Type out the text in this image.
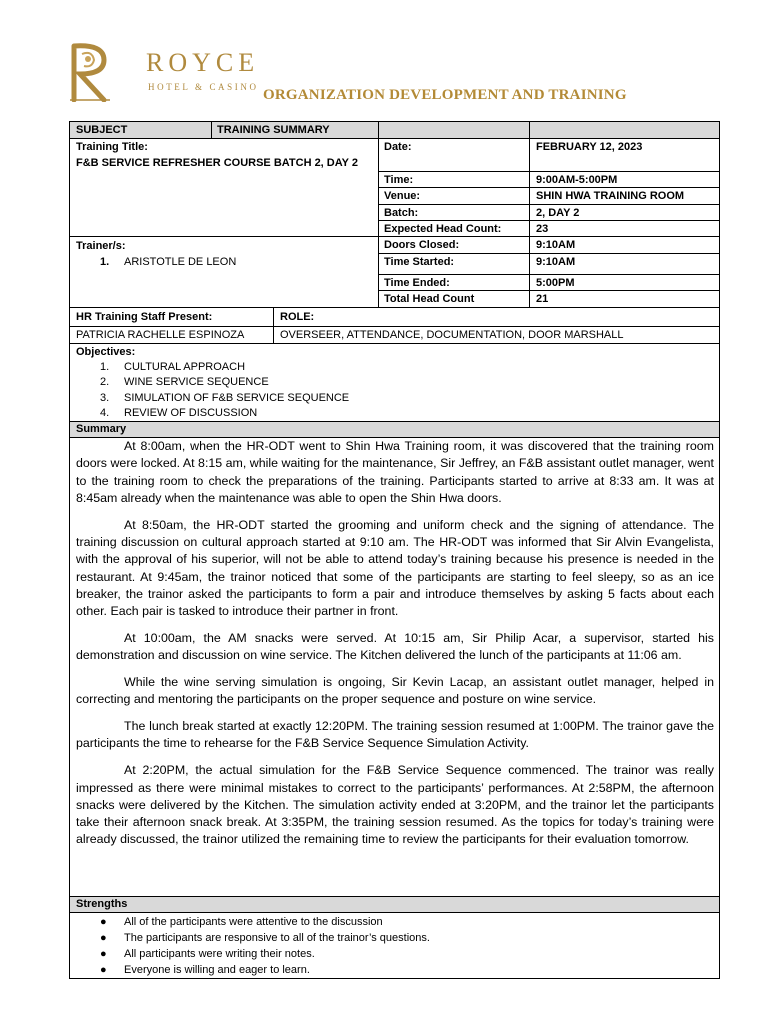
ROYCE
HOTEL & CASINO ORGANIZATION DEVELOPMENT AND TRAINING
SUBJECT	TRAINING SUMMARY
Training Title:
F&B SERVICE REFRESHER COURSE BATCH 2, DAY 2
Trainer/s:
1. ARISTOTLE DE LEON
Date:	FEBRUARY 12, 2023
Time:	9:00AM-5:00PM
Venue:	SHIN HWA TRAINING ROOM
Batch:	2, DAY 2
Expected Head Count:	23
Doors Closed:	9:10AM
Time Started:	9:10AM
Time Ended:	5:00PM
Total Head Count	21
HR Training Staff Present:	ROLE:
PATRICIA RACHELLE ESPINOZA	OVERSEER, ATTENDANCE, DOCUMENTATION, DOOR MARSHALL
Objectives:
1. CULTURAL APPROACH
2. WINE SERVICE SEQUENCE
3. SIMULATION OF F&B SERVICE SEQUENCE
4. REVIEW OF DISCUSSION
Summary

At 8:00am, when the HR-ODT went to Shin Hwa Training room, it was discovered that the training room doors were locked. At 8:15 am, while waiting for the maintenance, Sir Jeffrey, an F&B assistant outlet manager, went to the training room to check the preparations of the training. Participants started to arrive at 8:33 am. It was at 8:45am already when the maintenance was able to open the Shin Hwa doors.

At 8:50am, the HR-ODT started the grooming and uniform check and the signing of attendance. The training discussion on cultural approach started at 9:10 am. The HR-ODT was informed that Sir Alvin Evangelista, with the approval of his superior, will not be able to attend today’s training because his presence is needed in the restaurant. At 9:45am, the trainor noticed that some of the participants are starting to feel sleepy, so as an ice breaker, the trainor asked the participants to form a pair and introduce themselves by asking 5 facts about each other. Each pair is tasked to introduce their partner in front.

At 10:00am, the AM snacks were served. At 10:15 am, Sir Philip Acar, a supervisor, started his demonstration and discussion on wine service. The Kitchen delivered the lunch of the participants at 11:06 am.

While the wine serving simulation is ongoing, Sir Kevin Lacap, an assistant outlet manager, helped in correcting and mentoring the participants on the proper sequence and posture on wine service.

The lunch break started at exactly 12:20PM. The training session resumed at 1:00PM. The trainor gave the participants the time to rehearse for the F&B Service Sequence Simulation Activity.

At 2:20PM, the actual simulation for the F&B Service Sequence commenced. The trainor was really impressed as there were minimal mistakes to correct to the participants’ performances. At 2:58PM, the afternoon snacks were delivered by the Kitchen. The simulation activity ended at 3:20PM, and the trainor let the participants take their afternoon snack break. At 3:35PM, the training session resumed. As the topics for today’s training were already discussed, the trainor utilized the remaining time to review the participants for their evaluation tomorrow.

Strengths
● All of the participants were attentive to the discussion
● The participants are responsive to all of the trainor’s questions.
● All participants were writing their notes.
● Everyone is willing and eager to learn.
